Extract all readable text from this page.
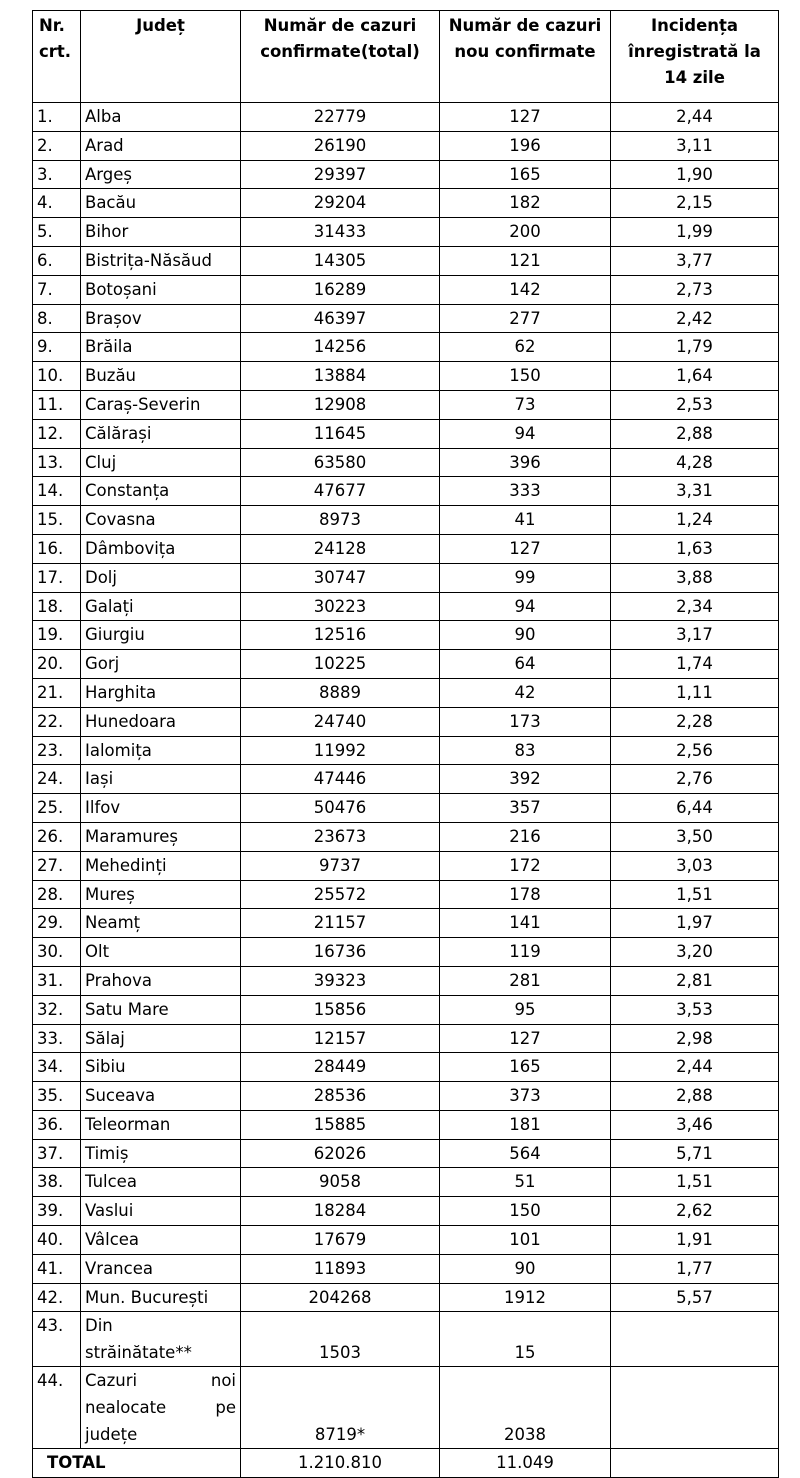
Nr.
crt.	Județ	Număr de cazuri confirmate(total)	Număr de cazuri nou confirmate	Incidența înregistrată la 14 zile
1.	Alba	22779	127	2,44
2.	Arad	26190	196	3,11
3.	Argeș	29397	165	1,90
4.	Bacău	29204	182	2,15
5.	Bihor	31433	200	1,99
6.	Bistrița-Năsăud	14305	121	3,77
7.	Botoșani	16289	142	2,73
8.	Brașov	46397	277	2,42
9.	Brăila	14256	62	1,79
10.	Buzău	13884	150	1,64
11.	Caraș-Severin	12908	73	2,53
12.	Călărași	11645	94	2,88
13.	Cluj	63580	396	4,28
14.	Constanța	47677	333	3,31
15.	Covasna	8973	41	1,24
16.	Dâmbovița	24128	127	1,63
17.	Dolj	30747	99	3,88
18.	Galați	30223	94	2,34
19.	Giurgiu	12516	90	3,17
20.	Gorj	10225	64	1,74
21.	Harghita	8889	42	1,11
22.	Hunedoara	24740	173	2,28
23.	Ialomița	11992	83	2,56
24.	Iași	47446	392	2,76
25.	Ilfov	50476	357	6,44
26.	Maramureș	23673	216	3,50
27.	Mehedinți	9737	172	3,03
28.	Mureș	25572	178	1,51
29.	Neamț	21157	141	1,97
30.	Olt	16736	119	3,20
31.	Prahova	39323	281	2,81
32.	Satu Mare	15856	95	3,53
33.	Sălaj	12157	127	2,98
34.	Sibiu	28449	165	2,44
35.	Suceava	28536	373	2,88
36.	Teleorman	15885	181	3,46
37.	Timiș	62026	564	5,71
38.	Tulcea	9058	51	1,51
39.	Vaslui	18284	150	2,62
40.	Vâlcea	17679	101	1,91
41.	Vrancea	11893	90	1,77
42.	Mun. București	204268	1912	5,57
43.	Din
străinătate**	1503	15	
44.	Cazuri noi
nealocate pe
județe	8719*	2038	
TOTAL		1.210.810	11.049	
